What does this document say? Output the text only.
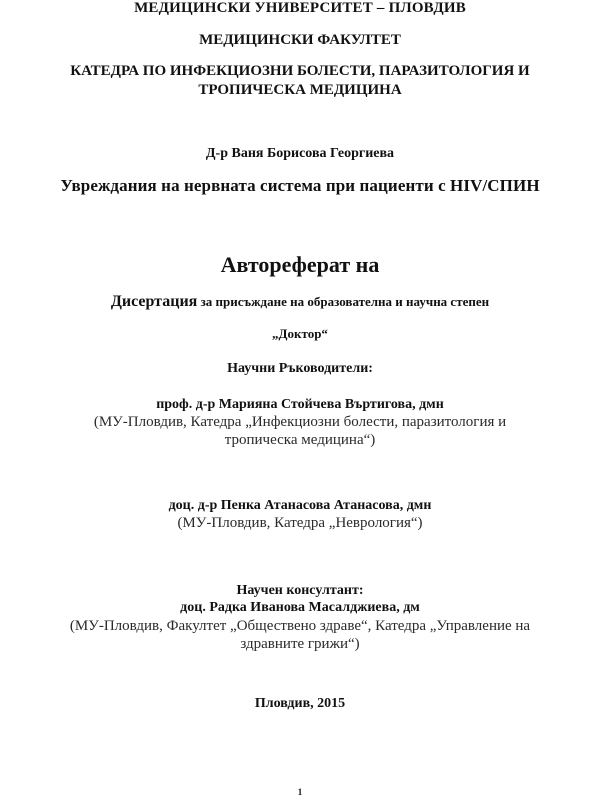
МЕДИЦИНСКИ УНИВЕРСИТЕТ – ПЛОВДИВ
МЕДИЦИНСКИ ФАКУЛТЕТ
КАТЕДРА ПО ИНФЕКЦИОЗНИ БОЛЕСТИ, ПАРАЗИТОЛОГИЯ И
ТРОПИЧЕСКА МЕДИЦИНА
Д-р Ваня Борисова Георгиева
Увреждания на нервната система при пациенти с HIV/СПИН
Автореферат на
Дисертация за присъждане на образователна и научна степен
„Доктор“
Научни Ръководители:
проф. д-р Марияна Стойчева Въртигова, дмн
(МУ-Пловдив, Катедра „Инфекциозни болести, паразитология и
тропическа медицина“)
доц. д-р Пенка Атанасова Атанасова, дмн
(МУ-Пловдив, Катедра „Неврология“)
Научен консултант:
доц. Радка Иванова Масалджиева, дм
(МУ-Пловдив, Факултет „Обществено здраве“, Катедра „Управление на
здравните грижи“)
Пловдив, 2015
1
